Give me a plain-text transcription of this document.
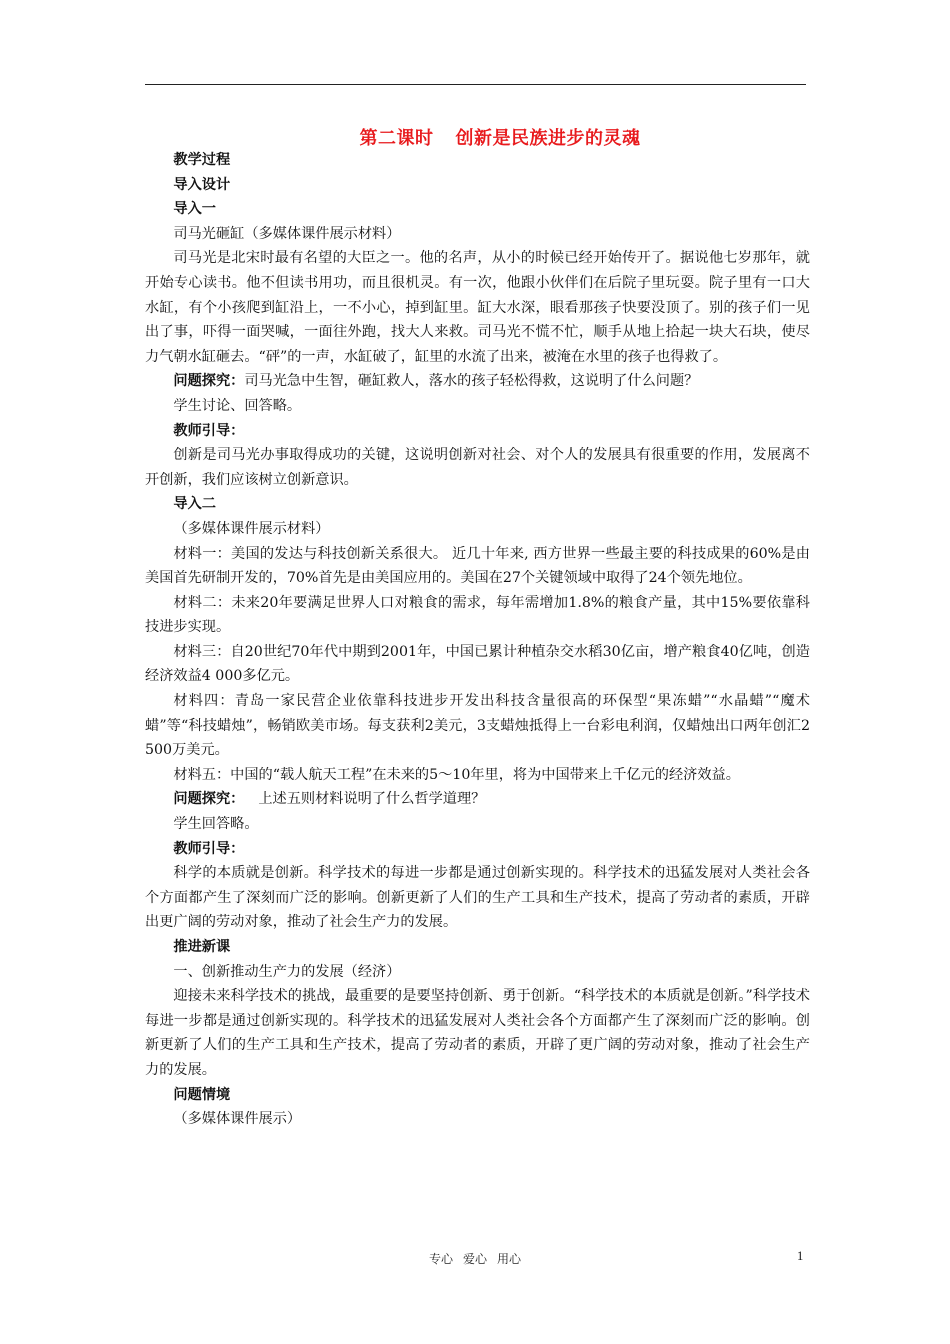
第二课时 创新是民族进步的灵魂

教学过程

导入设计

导入一

司马光砸缸（多媒体课件展示材料）

司马光是北宋时最有名望的大臣之一。他的名声，从小的时候已经开始传开了。据说他七岁那年，就开始专心读书。他不但读书用功，而且很机灵。有一次，他跟小伙伴们在后院子里玩耍。院子里有一口大水缸，有个小孩爬到缸沿上，一不小心，掉到缸里。缸大水深，眼看那孩子快要没顶了。别的孩子们一见出了事，吓得一面哭喊，一面往外跑，找大人来救。司马光不慌不忙，顺手从地上拾起一块大石块，使尽力气朝水缸砸去。“砰”的一声，水缸破了，缸里的水流了出来，被淹在水里的孩子也得救了。

问题探究：司马光急中生智，砸缸救人，落水的孩子轻松得救，这说明了什么问题？

学生讨论、回答略。

教师引导：

创新是司马光办事取得成功的关键，这说明创新对社会、对个人的发展具有很重要的作用，发展离不开创新，我们应该树立创新意识。

导入二

（多媒体课件展示材料）

材料一：美国的发达与科技创新关系很大。 近几十年来, 西方世界一些最主要的科技成果的60%是由美国首先研制开发的，70%首先是由美国应用的。美国在27个关键领域中取得了24个领先地位。

材料二：未来20年要满足世界人口对粮食的需求，每年需增加1.8%的粮食产量，其中15%要依靠科技进步实现。

材料三：自20世纪70年代中期到2001年，中国已累计种植杂交水稻30亿亩，增产粮食40亿吨，创造经济效益4 000多亿元。

材料四：青岛一家民营企业依靠科技进步开发出科技含量很高的环保型“果冻蜡”“水晶蜡”“魔术蜡”等“科技蜡烛”，畅销欧美市场。每支获利2美元，3支蜡烛抵得上一台彩电利润，仅蜡烛出口两年创汇2 500万美元。

材料五：中国的“载人航天工程”在未来的5～10年里，将为中国带来上千亿元的经济效益。

问题探究： 上述五则材料说明了什么哲学道理？

学生回答略。

教师引导：

科学的本质就是创新。科学技术的每进一步都是通过创新实现的。科学技术的迅猛发展对人类社会各个方面都产生了深刻而广泛的影响。创新更新了人们的生产工具和生产技术，提高了劳动者的素质，开辟出更广阔的劳动对象，推动了社会生产力的发展。

推进新课

一、创新推动生产力的发展（经济）

迎接未来科学技术的挑战，最重要的是要坚持创新、勇于创新。“科学技术的本质就是创新。”科学技术每进一步都是通过创新实现的。科学技术的迅猛发展对人类社会各个方面都产生了深刻而广泛的影响。创新更新了人们的生产工具和生产技术，提高了劳动者的素质，开辟了更广阔的劳动对象，推动了社会生产力的发展。

问题情境

（多媒体课件展示）

专心 爱心 用心	1
